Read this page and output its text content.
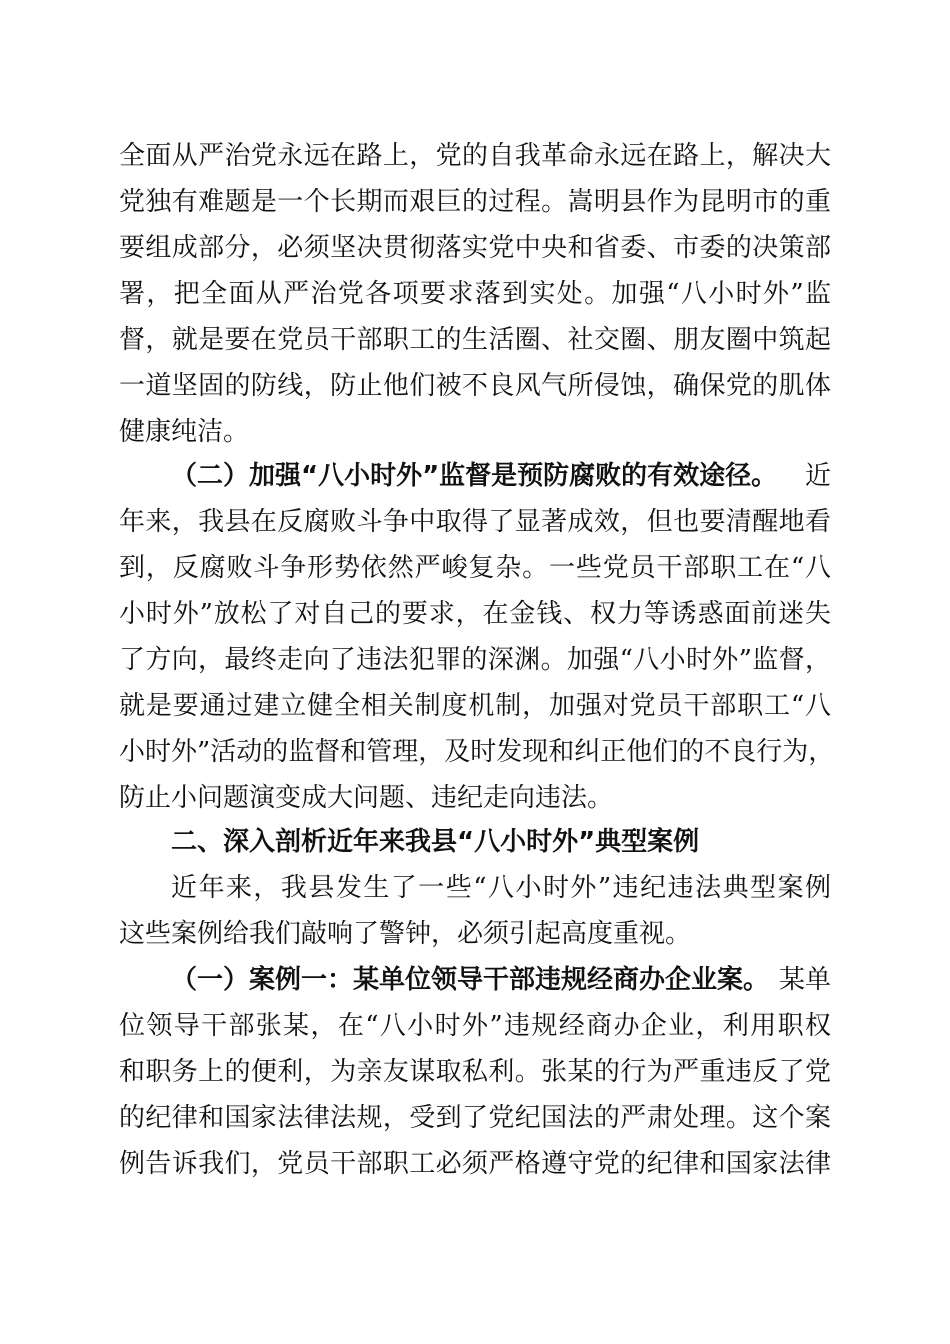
全面从严治党永远在路上，党的自我革命永远在路上，解决大
党独有难题是一个长期而艰巨的过程。嵩明县作为昆明市的重
要组成部分，必须坚决贯彻落实党中央和省委、市委的决策部
署，把全面从严治党各项要求落到实处。加强“八小时外”监
督，就是要在党员干部职工的生活圈、社交圈、朋友圈中筑起
一道坚固的防线，防止他们被不良风气所侵蚀，确保党的肌体
健康纯洁。
（二）加强“八小时外”监督是预防腐败的有效途径。	近
年来，我县在反腐败斗争中取得了显著成效，但也要清醒地看
到，反腐败斗争形势依然严峻复杂。一些党员干部职工在“八
小时外”放松了对自己的要求，在金钱、权力等诱惑面前迷失
了方向，最终走向了违法犯罪的深渊。加强“八小时外”监督，
就是要通过建立健全相关制度机制，加强对党员干部职工“八
小时外”活动的监督和管理，及时发现和纠正他们的不良行为，
防止小问题演变成大问题、违纪走向违法。
二、深入剖析近年来我县“八小时外”典型案例
近年来，我县发生了一些“八小时外”违纪违法典型案例
这些案例给我们敲响了警钟，必须引起高度重视。
（一）案例一：某单位领导干部违规经商办企业案。 某单
位领导干部张某，在“八小时外”违规经商办企业，利用职权
和职务上的便利，为亲友谋取私利。张某的行为严重违反了党
的纪律和国家法律法规，受到了党纪国法的严肃处理。这个案
例告诉我们，党员干部职工必须严格遵守党的纪律和国家法律
